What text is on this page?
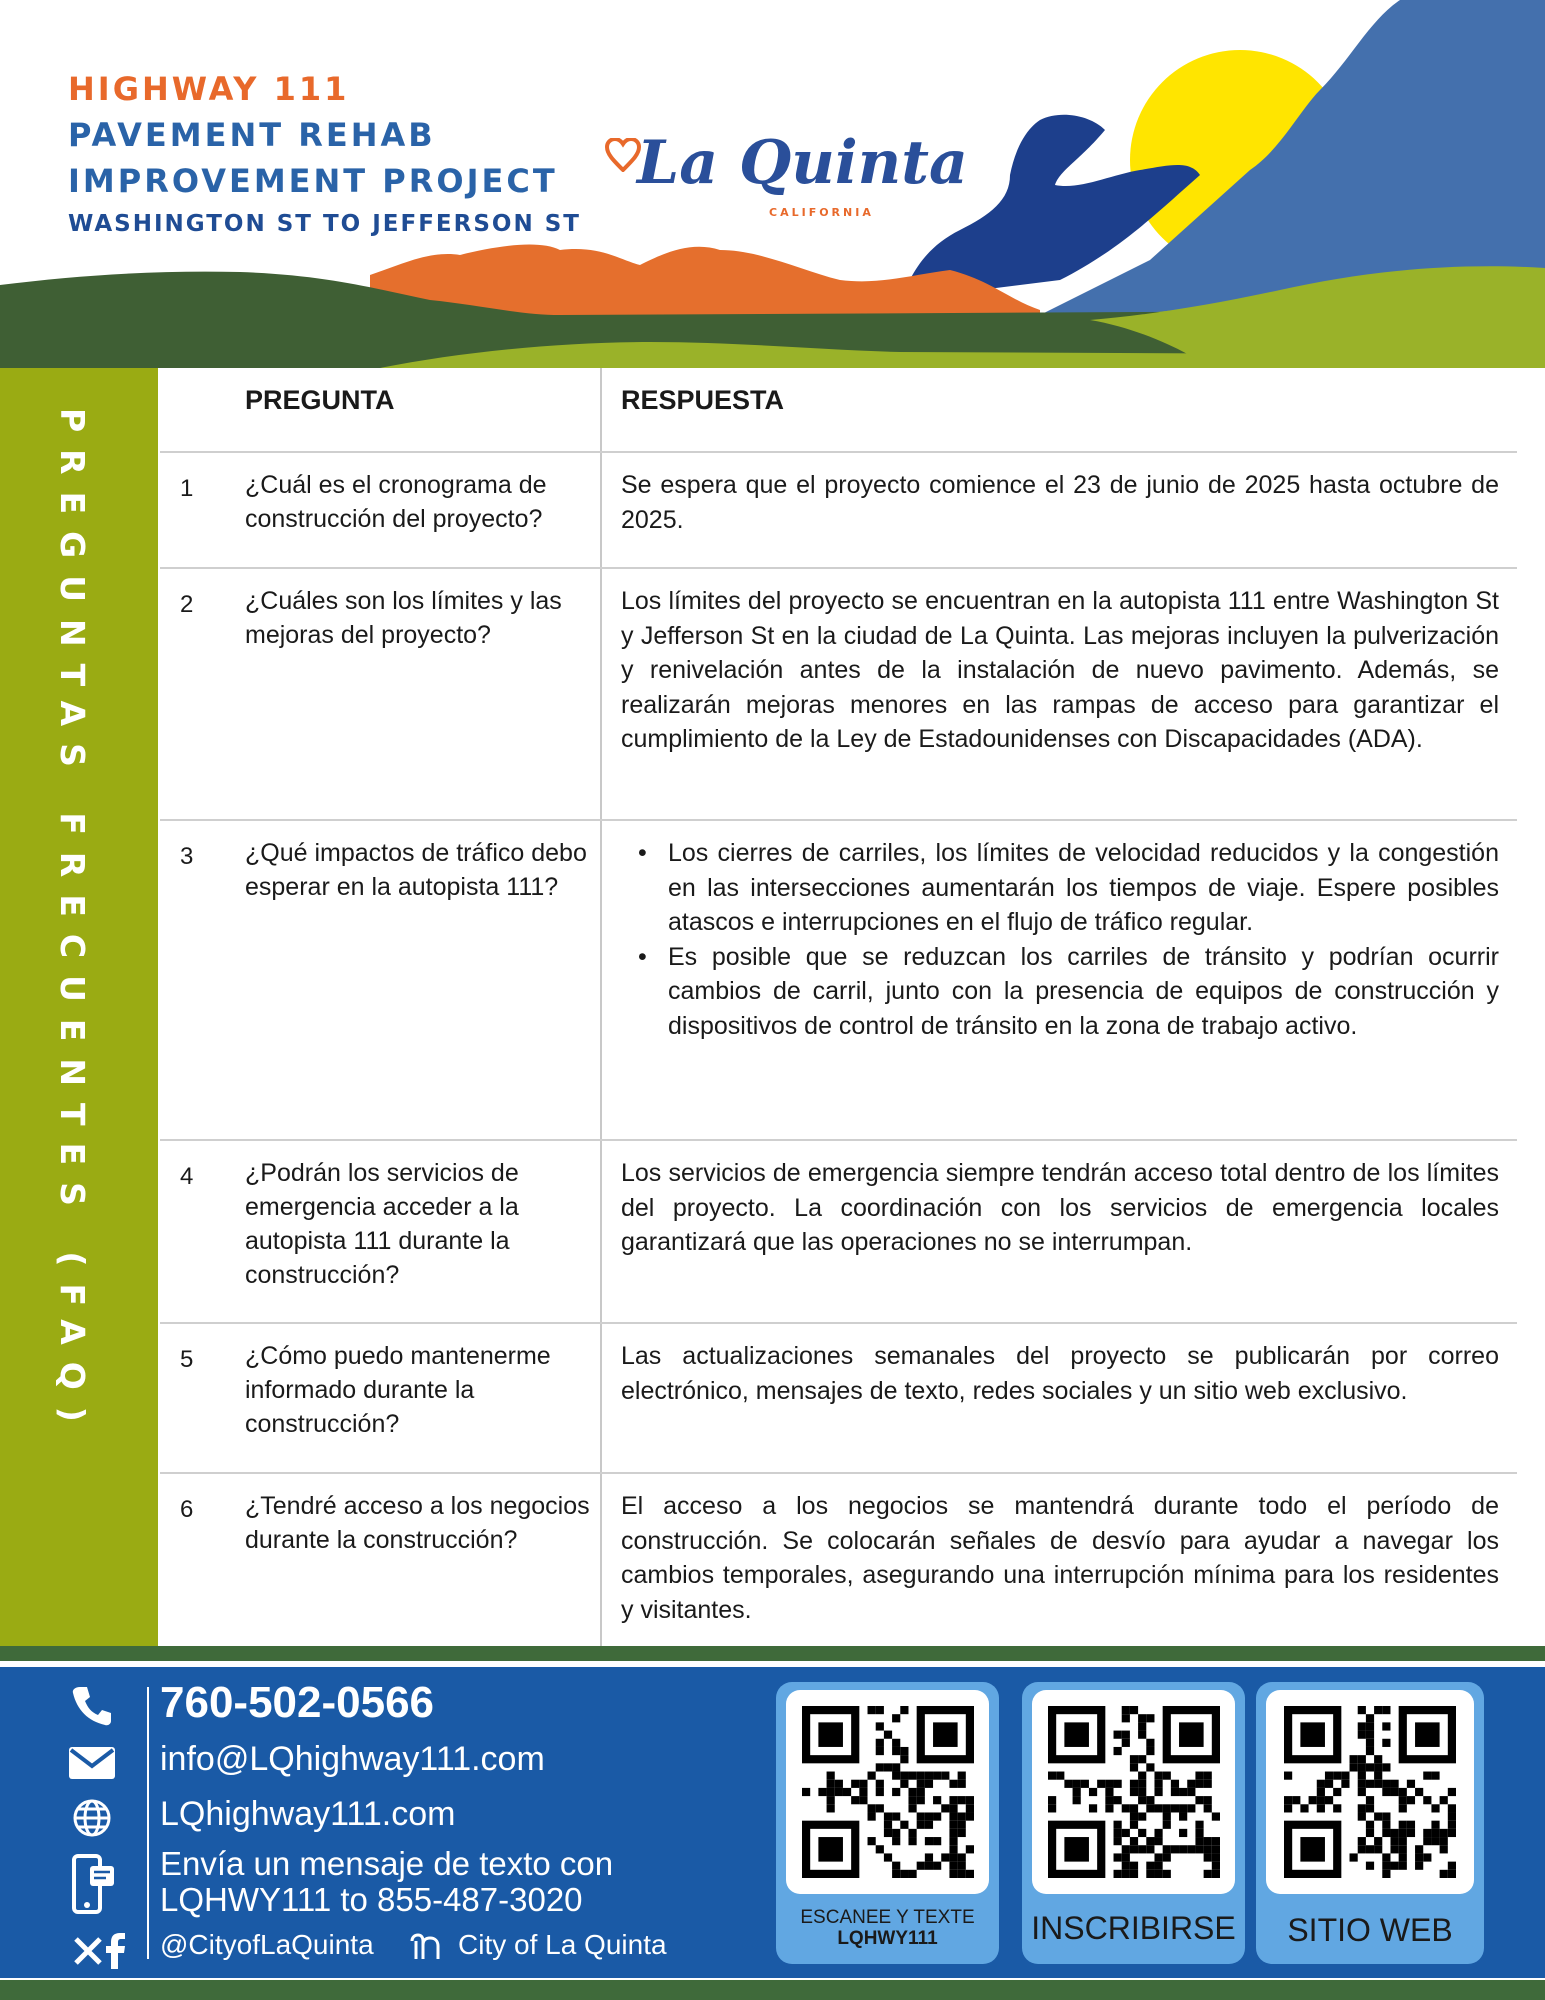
HIGHWAY 111
PAVEMENT REHAB
IMPROVEMENT PROJECT
WASHINGTON ST TO JEFFERSON ST
La Quinta
CALIFORNIA
PREGUNTAS FRECUENTES (FAQ)
PREGUNTA	RESPUESTA
1 ¿Cuál es el cronograma de construcción del proyecto?
Se espera que el proyecto comience el 23 de junio de 2025 hasta octubre de 2025.
2 ¿Cuáles son los límites y las mejoras del proyecto?
Los límites del proyecto se encuentran en la autopista 111 entre Washington St y Jefferson St en la ciudad de La Quinta. Las mejoras incluyen la pulverización y renivelación antes de la instalación de nuevo pavimento. Además, se realizarán mejoras menores en las rampas de acceso para garantizar el cumplimiento de la Ley de Estadounidenses con Discapacidades (ADA).
3 ¿Qué impactos de tráfico debo esperar en la autopista 111?
• Los cierres de carriles, los límites de velocidad reducidos y la congestión en las intersecciones aumentarán los tiempos de viaje. Espere posibles atascos e interrupciones en el flujo de tráfico regular.
• Es posible que se reduzcan los carriles de tránsito y podrían ocurrir cambios de carril, junto con la presencia de equipos de construcción y dispositivos de control de tránsito en la zona de trabajo activo.
4 ¿Podrán los servicios de emergencia acceder a la autopista 111 durante la construcción?
Los servicios de emergencia siempre tendrán acceso total dentro de los límites del proyecto. La coordinación con los servicios de emergencia locales garantizará que las operaciones no se interrumpan.
5 ¿Cómo puedo mantenerme informado durante la construcción?
Las actualizaciones semanales del proyecto se publicarán por correo electrónico, mensajes de texto, redes sociales y un sitio web exclusivo.
6 ¿Tendré acceso a los negocios durante la construcción?
El acceso a los negocios se mantendrá durante todo el período de construcción. Se colocarán señales de desvío para ayudar a navegar los cambios temporales, asegurando una interrupción mínima para los residentes y visitantes.
760-502-0566
info@LQhighway111.com
LQhighway111.com
Envía un mensaje de texto con
LQHWY111 to 855-487-3020
@CityofLaQuinta	City of La Quinta
ESCANEE Y TEXTE
LQHWY111	INSCRIBIRSE	SITIO WEB
